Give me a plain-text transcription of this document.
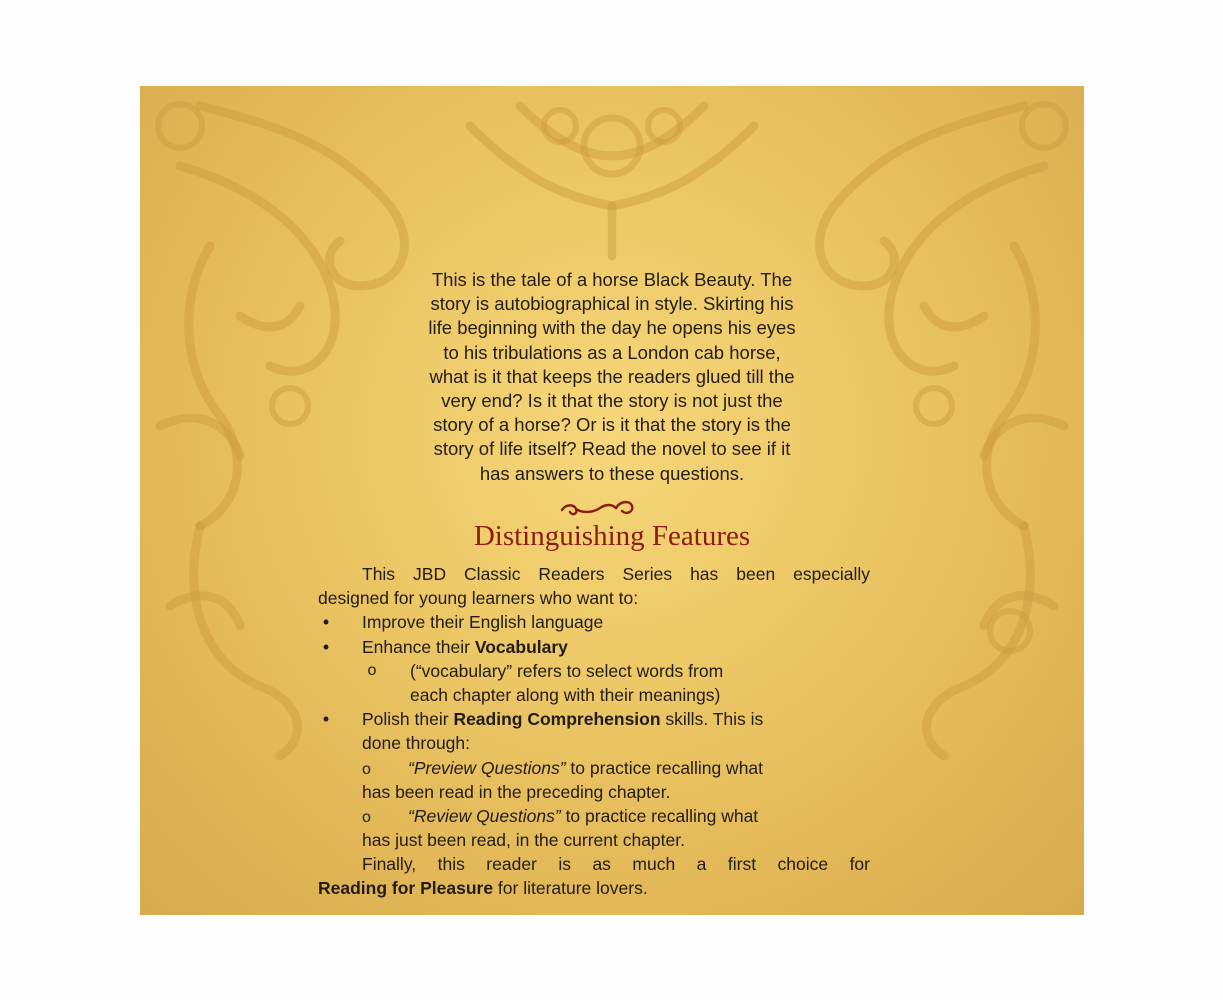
This is the tale of a horse Black Beauty. The

story is autobiographical in style. Skirting his

life beginning with the day he opens his eyes

to his tribulations as a London cab horse,

what is it that keeps the readers glued till the

very end? Is it that the story is not just the

story of a horse? Or is it that the story is the

story of life itself? Read the novel to see if it

has answers to these questions.

Distinguishing Features
This JBD Classic Readers Series has been especially
designed for young learners who want to:
• Improve their English language
• Enhance their Vocabulary
o (“vocabulary” refers to select words from
each chapter along with their meanings)
• Polish their Reading Comprehension skills. This is
done through:
o “Preview Questions” to practice recalling what
has been read in the preceding chapter.
o “Review Questions” to practice recalling what
has just been read, in the current chapter.
Finally, this reader is as much a first choice for
Reading for Pleasure for literature lovers.
